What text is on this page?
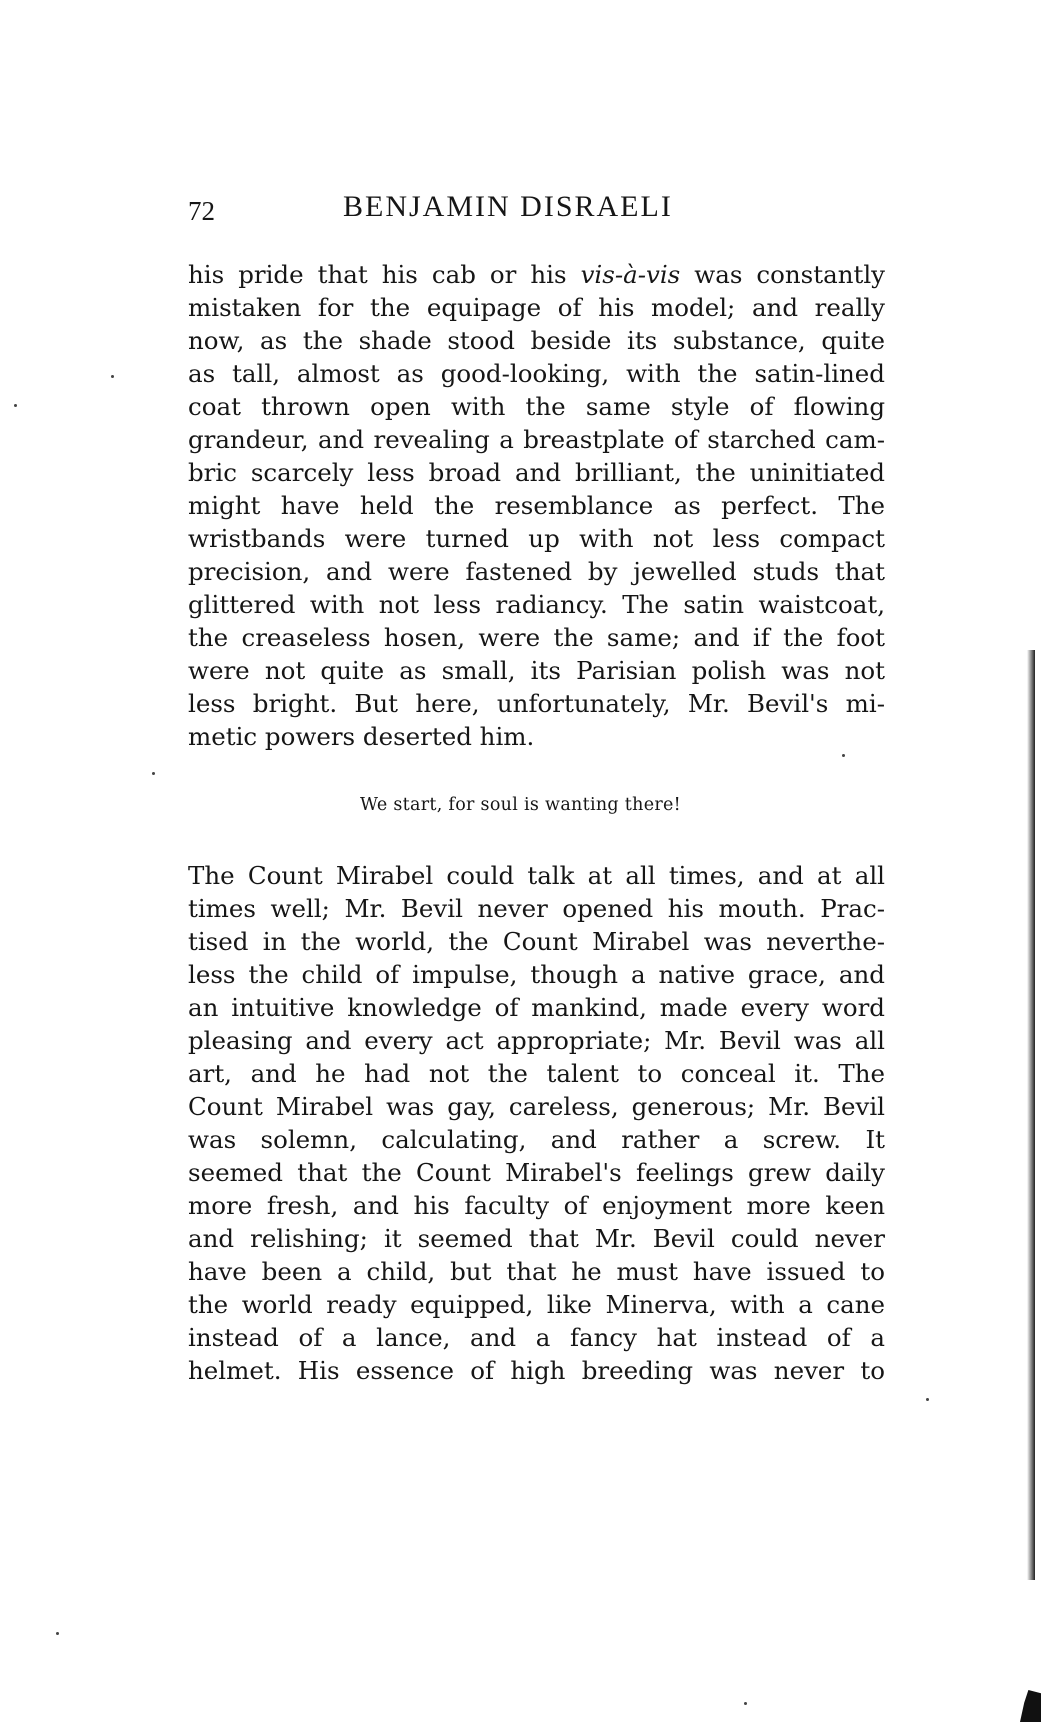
72	BENJAMIN DISRAELI
his pride that his cab or his vis-à-vis was constantly
mistaken for the equipage of his model; and really
now, as the shade stood beside its substance, quite
as tall, almost as good-looking, with the satin-lined
coat thrown open with the same style of flowing
grandeur, and revealing a breastplate of starched cam-
bric scarcely less broad and brilliant, the uninitiated
might have held the resemblance as perfect. The
wristbands were turned up with not less compact
precision, and were fastened by jewelled studs that
glittered with not less radiancy. The satin waistcoat,
the creaseless hosen, were the same; and if the foot
were not quite as small, its Parisian polish was not
less bright. But here, unfortunately, Mr. Bevil's mi-
metic powers deserted him.
We start, for soul is wanting there!
The Count Mirabel could talk at all times, and at all
times well; Mr. Bevil never opened his mouth. Prac-
tised in the world, the Count Mirabel was neverthe-
less the child of impulse, though a native grace, and
an intuitive knowledge of mankind, made every word
pleasing and every act appropriate; Mr. Bevil was all
art, and he had not the talent to conceal it. The
Count Mirabel was gay, careless, generous; Mr. Bevil
was solemn, calculating, and rather a screw. It
seemed that the Count Mirabel's feelings grew daily
more fresh, and his faculty of enjoyment more keen
and relishing; it seemed that Mr. Bevil could never
have been a child, but that he must have issued to
the world ready equipped, like Minerva, with a cane
instead of a lance, and a fancy hat instead of a
helmet. His essence of high breeding was never to
